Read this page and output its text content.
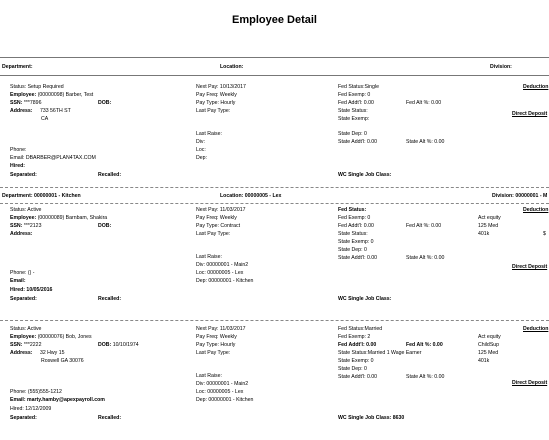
Employee Detail
Department:	Location:	Division:
Status: Setup Required
Employee: (00000098) Barber, Test
SSN: ***7896	DOB:
Address: 733 56TH ST
CA
Phone:
Email: DBARBER@PLAN4TAX.COM
Hired:
Separated:	Recalled:
Next Pay: 10/13/2017
Pay Freq: Weekly
Pay Type: Hourly
Last Pay Type:
Last Raise:
Div:
Loc:
Dep:
Fed Status:Single
Fed Exemp: 0
Fed Addt'l: 0.00	Fed Alt %: 0.00
State Status:
State Exemp:
State Dep: 0
State Addt'l: 0.00	State Alt %: 0.00
WC Single Job Class:
Deduction
Direct Deposit
Department: 00000001 - Kitchen	Location: 00000005 - Lex	Division: 00000001 - M
Status: Active
Employee: (00000089) Barnbam, Shakira
SSN: ***2123	DOB:
Address:
Phone: () -
Email:
Hired: 10/05/2016
Separated:	Recalled:
Next Pay: 11/03/2017
Pay Freq: Weekly
Pay Type: Contract
Last Pay Type:
Last Raise:
Div: 00000001 - Main2
Loc: 00000005 - Lex
Dep: 00000001 - Kitchen
Fed Status:
Fed Exemp: 0
Fed Addt'l: 0.00	Fed Alt %: 0.00
State Status:
State Exemp: 0
State Dep: 0
State Addt'l: 0.00	State Alt %: 0.00
WC Single Job Class:
Deduction
Act equity
125 Med
401k	$
Direct Deposit
Status: Active
Employee: (00000076) Bob, Jones
SSN: ***2222	DOB: 10/10/1974
Address: 32 Hwy 15
Roswell GA 30076
Phone: (555)555-1212
Email: marty.hamby@apexpayroll.com
Hired: 12/12/2009
Separated:	Recalled:
Next Pay: 11/03/2017
Pay Freq: Weekly
Pay Type: Hourly
Last Pay Type:
Last Raise:
Div: 00000001 - Main2
Loc: 00000005 - Lex
Dep: 00000001 - Kitchen
Fed Status:Married
Fed Exemp: 2
Fed Addt'l: 0.00	Fed Alt %: 0.00
State Status:Married 1 Wage Earner
State Exemp: 0
State Dep: 0
State Addt'l: 0.00	State Alt %: 0.00
WC Single Job Class: 8630
Deduction
Act equity
ChildSup
125 Med
401k
Direct Deposit
